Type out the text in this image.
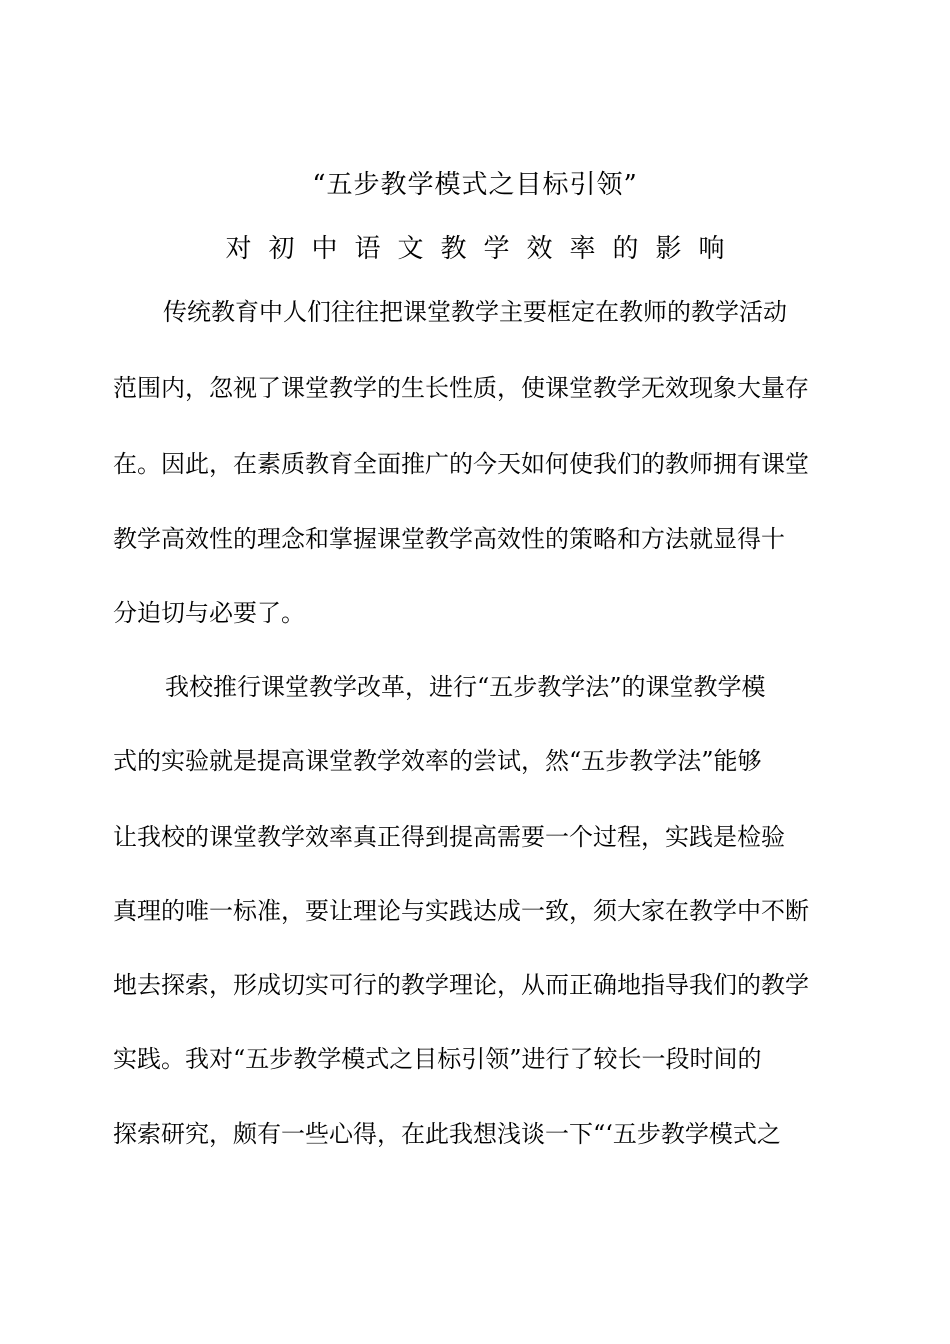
“五步教学模式之目标引领”
对初中语文教学效率的影响
传统教育中人们往往把课堂教学主要框定在教师的教学活动
范围内，忽视了课堂教学的生长性质，使课堂教学无效现象大量存
在。因此，在素质教育全面推广的今天如何使我们的教师拥有课堂
教学高效性的理念和掌握课堂教学高效性的策略和方法就显得十
分迫切与必要了。
我校推行课堂教学改革，进行“五步教学法”的课堂教学模
式的实验就是提高课堂教学效率的尝试，然“五步教学法”能够
让我校的课堂教学效率真正得到提高需要一个过程，实践是检验
真理的唯一标准，要让理论与实践达成一致，须大家在教学中不断
地去探索，形成切实可行的教学理论，从而正确地指导我们的教学
实践。我对“五步教学模式之目标引领”进行了较长一段时间的
探索研究，颇有一些心得，在此我想浅谈一下“‘五步教学模式之
